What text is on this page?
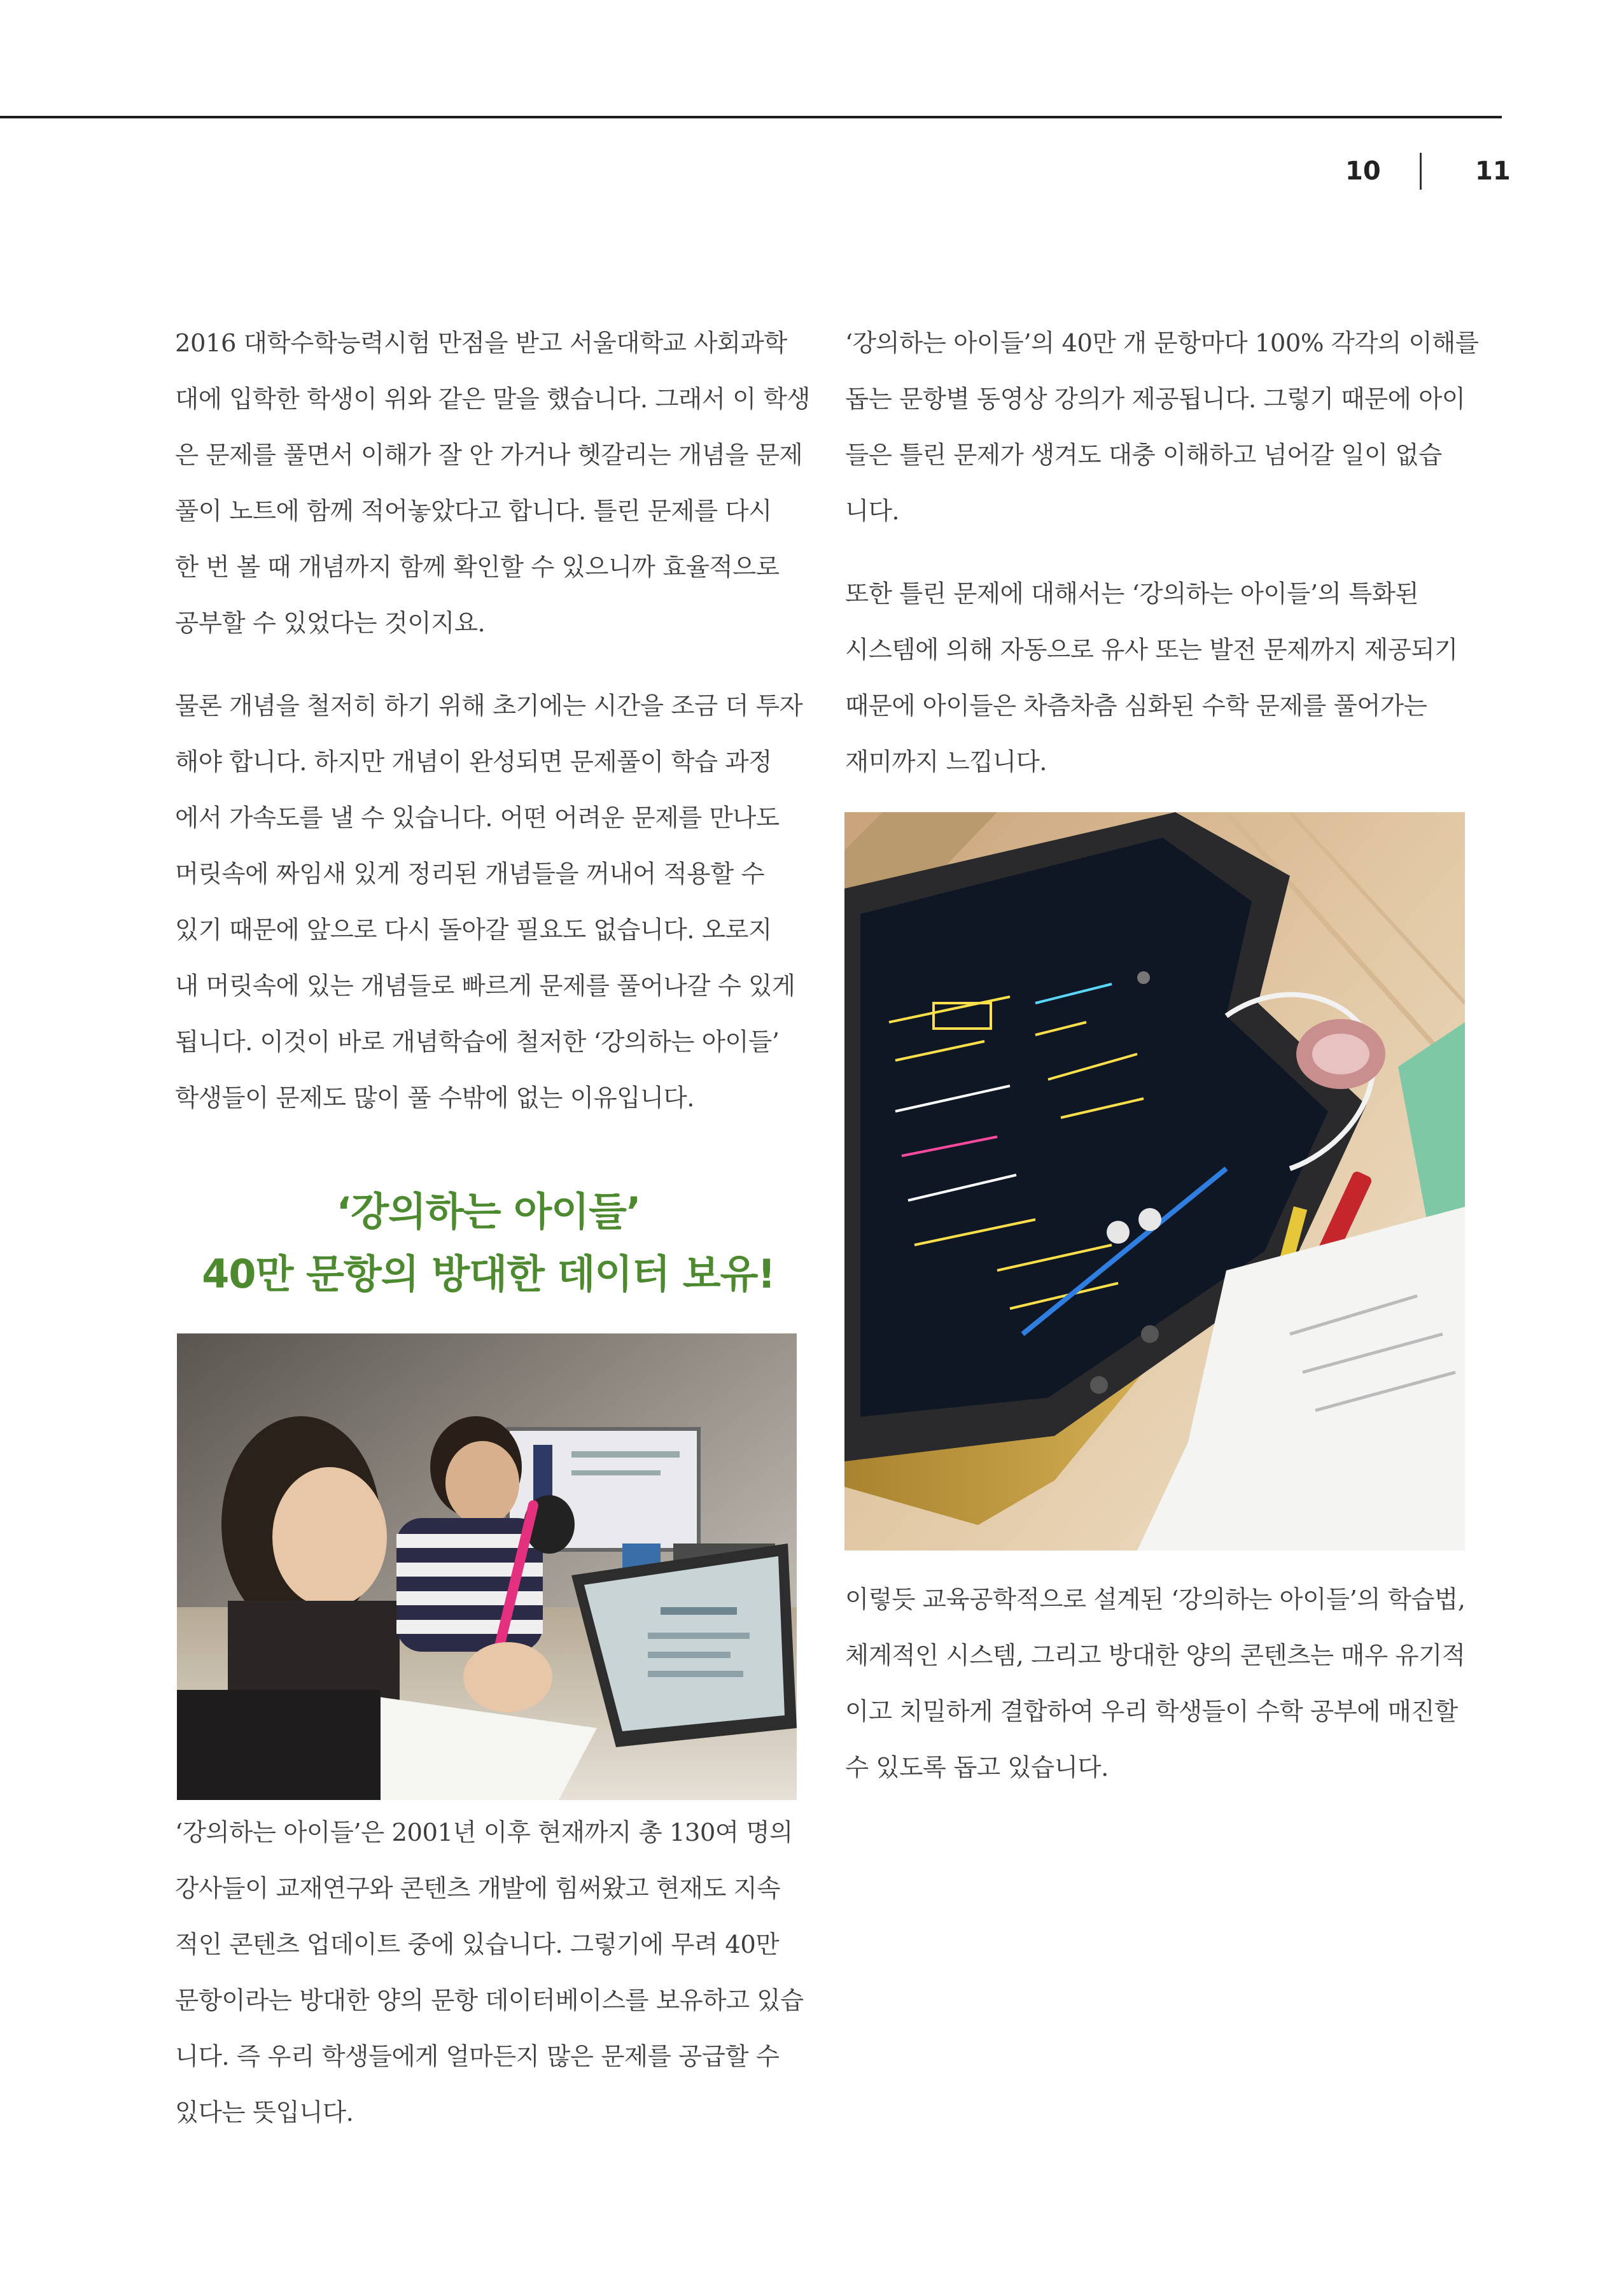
10	11

2016 대학수학능력시험 만점을 받고 서울대학교 사회과학
대에 입학한 학생이 위와 같은 말을 했습니다. 그래서 이 학생
은 문제를 풀면서 이해가 잘 안 가거나 헷갈리는 개념을 문제
풀이 노트에 함께 적어놓았다고 합니다. 틀린 문제를 다시
한 번 볼 때 개념까지 함께 확인할 수 있으니까 효율적으로
공부할 수 있었다는 것이지요.

물론 개념을 철저히 하기 위해 초기에는 시간을 조금 더 투자
해야 합니다. 하지만 개념이 완성되면 문제풀이 학습 과정
에서 가속도를 낼 수 있습니다. 어떤 어려운 문제를 만나도
머릿속에 짜임새 있게 정리된 개념들을 꺼내어 적용할 수
있기 때문에 앞으로 다시 돌아갈 필요도 없습니다. 오로지
내 머릿속에 있는 개념들로 빠르게 문제를 풀어나갈 수 있게
됩니다. 이것이 바로 개념학습에 철저한 ‘강의하는 아이들’
학생들이 문제도 많이 풀 수밖에 없는 이유입니다.

‘강의하는 아이들’
40만 문항의 방대한 데이터 보유!

‘강의하는 아이들’은 2001년 이후 현재까지 총 130여 명의
강사들이 교재연구와 콘텐츠 개발에 힘써왔고 현재도 지속
적인 콘텐츠 업데이트 중에 있습니다. 그렇기에 무려 40만
문항이라는 방대한 양의 문항 데이터베이스를 보유하고 있습
니다. 즉 우리 학생들에게 얼마든지 많은 문제를 공급할 수
있다는 뜻입니다.

‘강의하는 아이들’의 40만 개 문항마다 100% 각각의 이해를
돕는 문항별 동영상 강의가 제공됩니다. 그렇기 때문에 아이
들은 틀린 문제가 생겨도 대충 이해하고 넘어갈 일이 없습
니다.

또한 틀린 문제에 대해서는 ‘강의하는 아이들’의 특화된
시스템에 의해 자동으로 유사 또는 발전 문제까지 제공되기
때문에 아이들은 차츰차츰 심화된 수학 문제를 풀어가는
재미까지 느낍니다.

이렇듯 교육공학적으로 설계된 ‘강의하는 아이들’의 학습법,
체계적인 시스템, 그리고 방대한 양의 콘텐츠는 매우 유기적
이고 치밀하게 결합하여 우리 학생들이 수학 공부에 매진할
수 있도록 돕고 있습니다.
